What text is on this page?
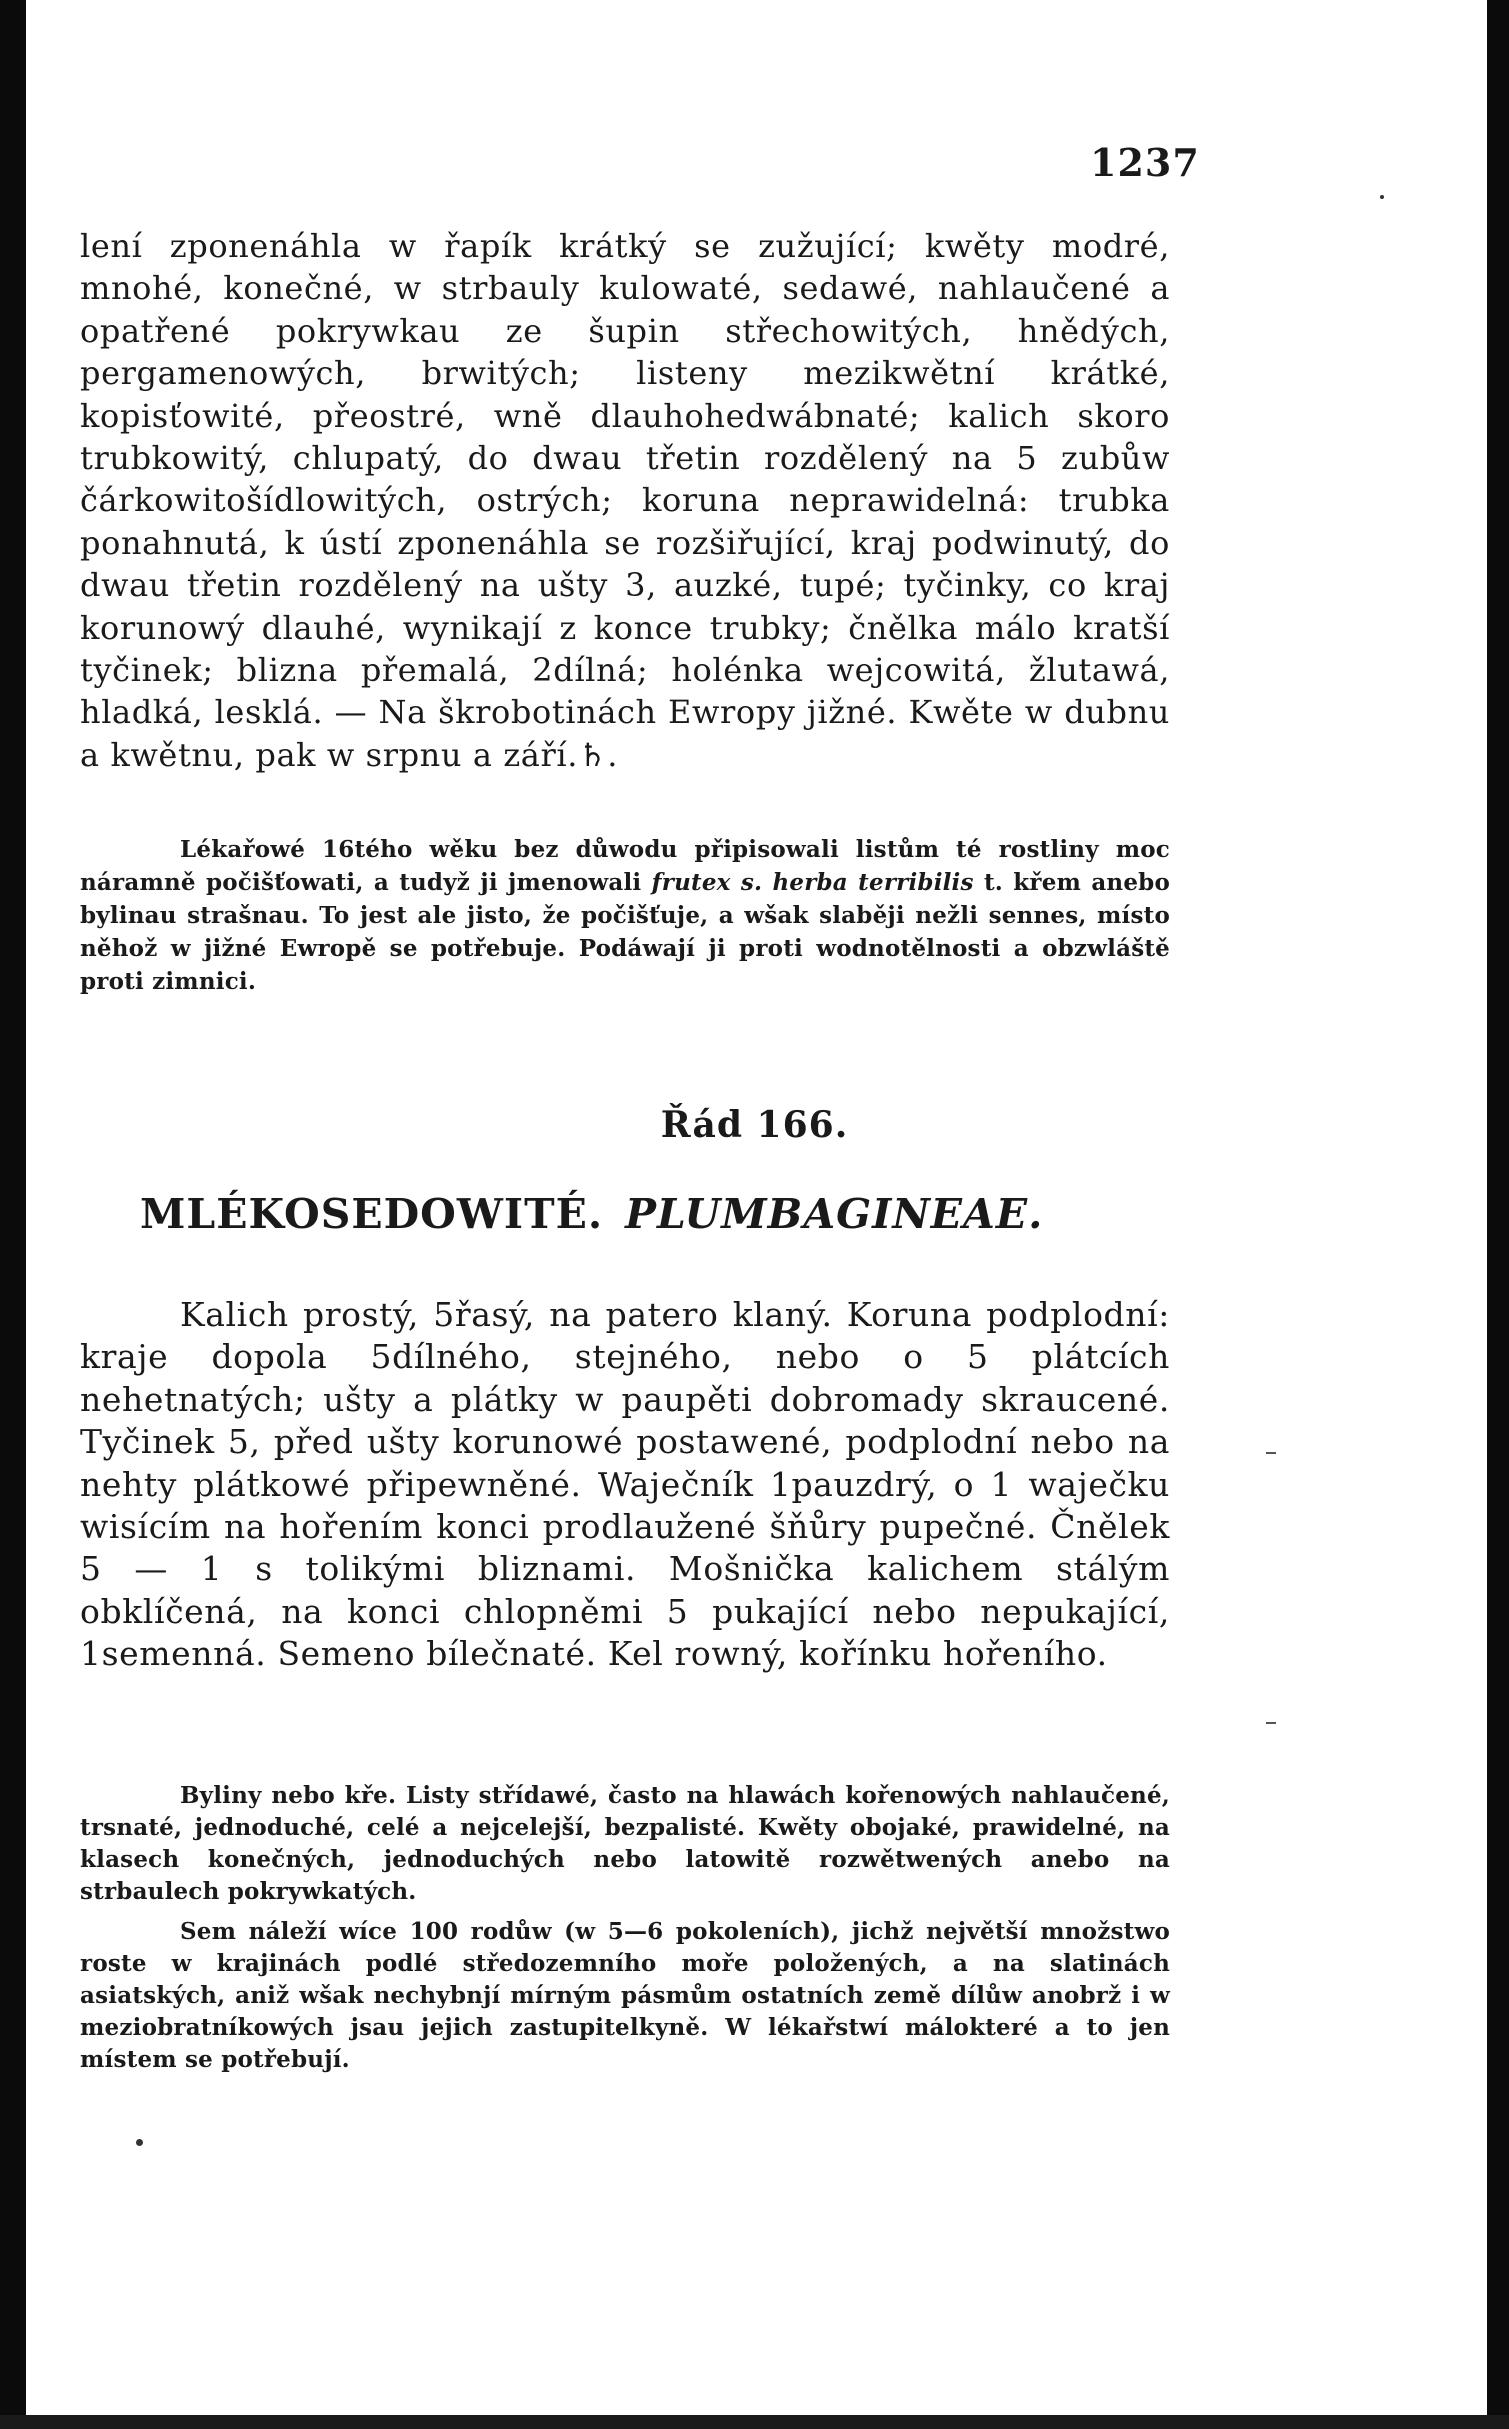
1237
lení zponenáhla w řapík krátký se zužující; kwěty modré, mnohé, konečné, w strbauly kulowaté, sedawé, nahlaučené a opatřené pokrywkau ze šupin střechowitých, hnědých, pergamenowých, brwitých; listeny mezikwětní krátké, kopisťowité, přeostré, wně dlauhohedwábnaté; kalich skoro trubkowitý, chlupatý, do dwau třetin rozdělený na 5 zubůw čárkowitošídlowitých, ostrých; koruna neprawidelná: trubka ponahnutá, k ústí zponenáhla se rozšiřující, kraj podwinutý, do dwau třetin rozdělený na ušty 3, auzké, tupé; tyčinky, co kraj korunowý dlauhé, wynikají z konce trubky; čnělka málo kratší tyčinek; blizna přemalá, 2dílná; holénka wejcowitá, žlutawá, hladká, lesklá. — Na škrobotinách Ewropy jižné. Kwěte w dubnu a kwětnu, pak w srpnu a září.♄.
Lékařowé 16tého wěku bez důwodu připisowali listům té rostliny moc náramně počišťowati, a tudyž ji jmenowali frutex s. herba terribilis t. křem anebo bylinau strašnau. To jest ale jisto, že počišťuje, a wšak slaběji nežli sennes, místo něhož w jižné Ewropě se potřebuje. Podáwají ji proti wodnotělnosti a obzwláště proti zimnici.
Řád 166.
MLÉKOSEDOWITÉ. PLUMBAGINEAE.
Kalich prostý, 5řasý, na patero klaný. Koruna podplodní: kraje dopola 5dílného, stejného, nebo o 5 plátcích nehetnatých; ušty a plátky w paupěti dobromady skraucené. Tyčinek 5, před ušty korunowé postawené, podplodní nebo na nehty plátkowé připewněné. Waječník 1pauzdrý, o 1 waječku wisícím na hořením konci prodlaužené šňůry pupečné. Čnělek 5 — 1 s tolikými bliznami. Mošnička kalichem stálým obklíčená, na konci chlopněmi 5 pukající nebo nepukající, 1semenná. Semeno bílečnaté. Kel rowný, kořínku hořeního.
Byliny nebo kře. Listy střídawé, často na hlawách kořenowých nahlaučené, trsnaté, jednoduché, celé a nejcelejší, bezpalisté. Kwěty obojaké, prawidelné, na klasech konečných, jednoduchých nebo latowitě rozwětwených anebo na strbaulech pokrywkatých.
Sem náleží wíce 100 rodůw (w 5—6 pokoleních), jichž největší množstwo roste w krajinách podlé středozemního moře položených, a na slatinách asiatských, aniž wšak nechybnjí mírným pásmům ostatních země dílůw anobrž i w meziobratníkowých jsau jejich zastupitelkyně. W lékařstwí málokteré a to jen místem se potřebují.
